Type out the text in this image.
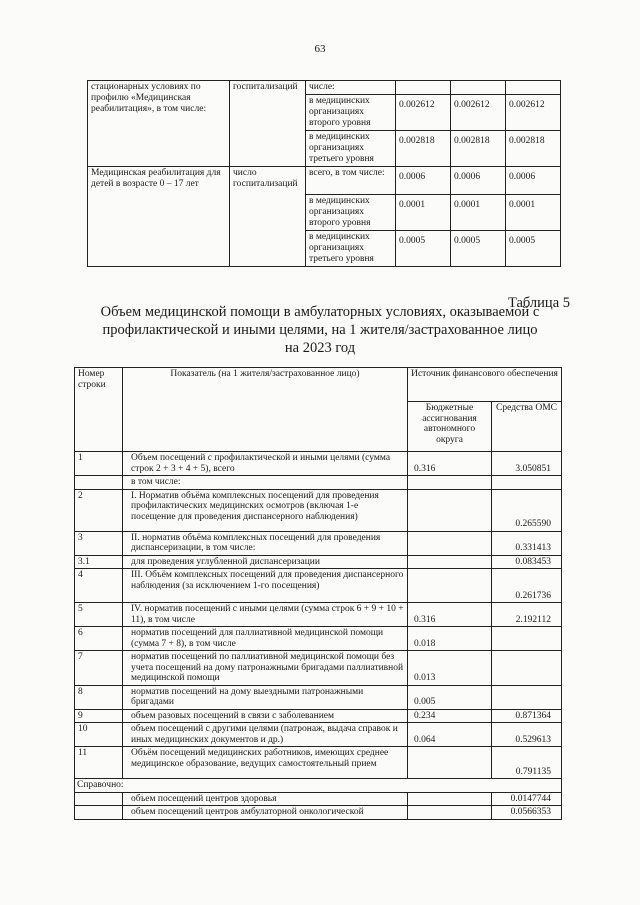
63
стационарных условиях по профилю «Медицинская реабилитация», в том числе:	госпитализаций	числе:			
		в медицинских организациях второго уровня	0.002612	0.002612	0.002612
		в медицинских организациях третьего уровня	0.002818	0.002818	0.002818
Медицинская реабилитация для детей в возрасте 0 – 17 лет	число госпитализаций	всего, в том числе:	0.0006	0.0006	0.0006
		в медицинских организациях второго уровня	0.0001	0.0001	0.0001
		в медицинских организациях третьего уровня	0.0005	0.0005	0.0005
Таблица 5
Объем медицинской помощи в амбулаторных условиях, оказываемой с профилактической и иными целями, на 1 жителя/застрахованное лицо на 2023 год
Номер строки	Показатель (на 1 жителя/застрахованное лицо)	Источник финансового обеспечения	
		Бюджетные ассигнования автономного округа	Средства ОМС
1	Объем посещений с профилактической и иными целями (сумма строк 2 + 3 + 4 + 5), всего	0.316	3.050851
	в том числе:		
2	I. Норматив объёма комплексных посещений для проведения профилактических медицинских осмотров (включая 1-е посещение для проведения диспансерного наблюдения)		0.265590
3	II. норматив объёма комплексных посещений для проведения диспансеризации, в том числе:		0.331413
3.1	для проведения углубленной диспансеризации		0.083453
4	III. Объём комплексных посещений для проведения диспансерного наблюдения (за исключением 1-го посещения)		0.261736
5	IV. норматив посещений с иными целями (сумма строк 6 + 9 + 10 + 11), в том числе	0.316	2.192112
6	норматив посещений для паллиативной медицинской помощи (сумма 7 + 8), в том числе	0.018	
7	норматив посещений по паллиативной медицинской помощи без учета посещений на дому патронажными бригадами паллиативной медицинской помощи	0.013	
8	норматив посещений на дому выездными патронажными бригадами	0.005	
9	объем разовых посещений в связи с заболеванием	0.234	0.871364
10	объем посещений с другими целями (патронаж, выдача справок и иных медицинских документов и др.)	0.064	0.529613
11	Объём посещений медицинских работников, имеющих среднее медицинское образование, ведущих самостоятельный прием		0.791135
Справочно:			
	объем посещений центров здоровья		0.0147744
	объем посещений центров амбулаторной онкологической		0.0566353
